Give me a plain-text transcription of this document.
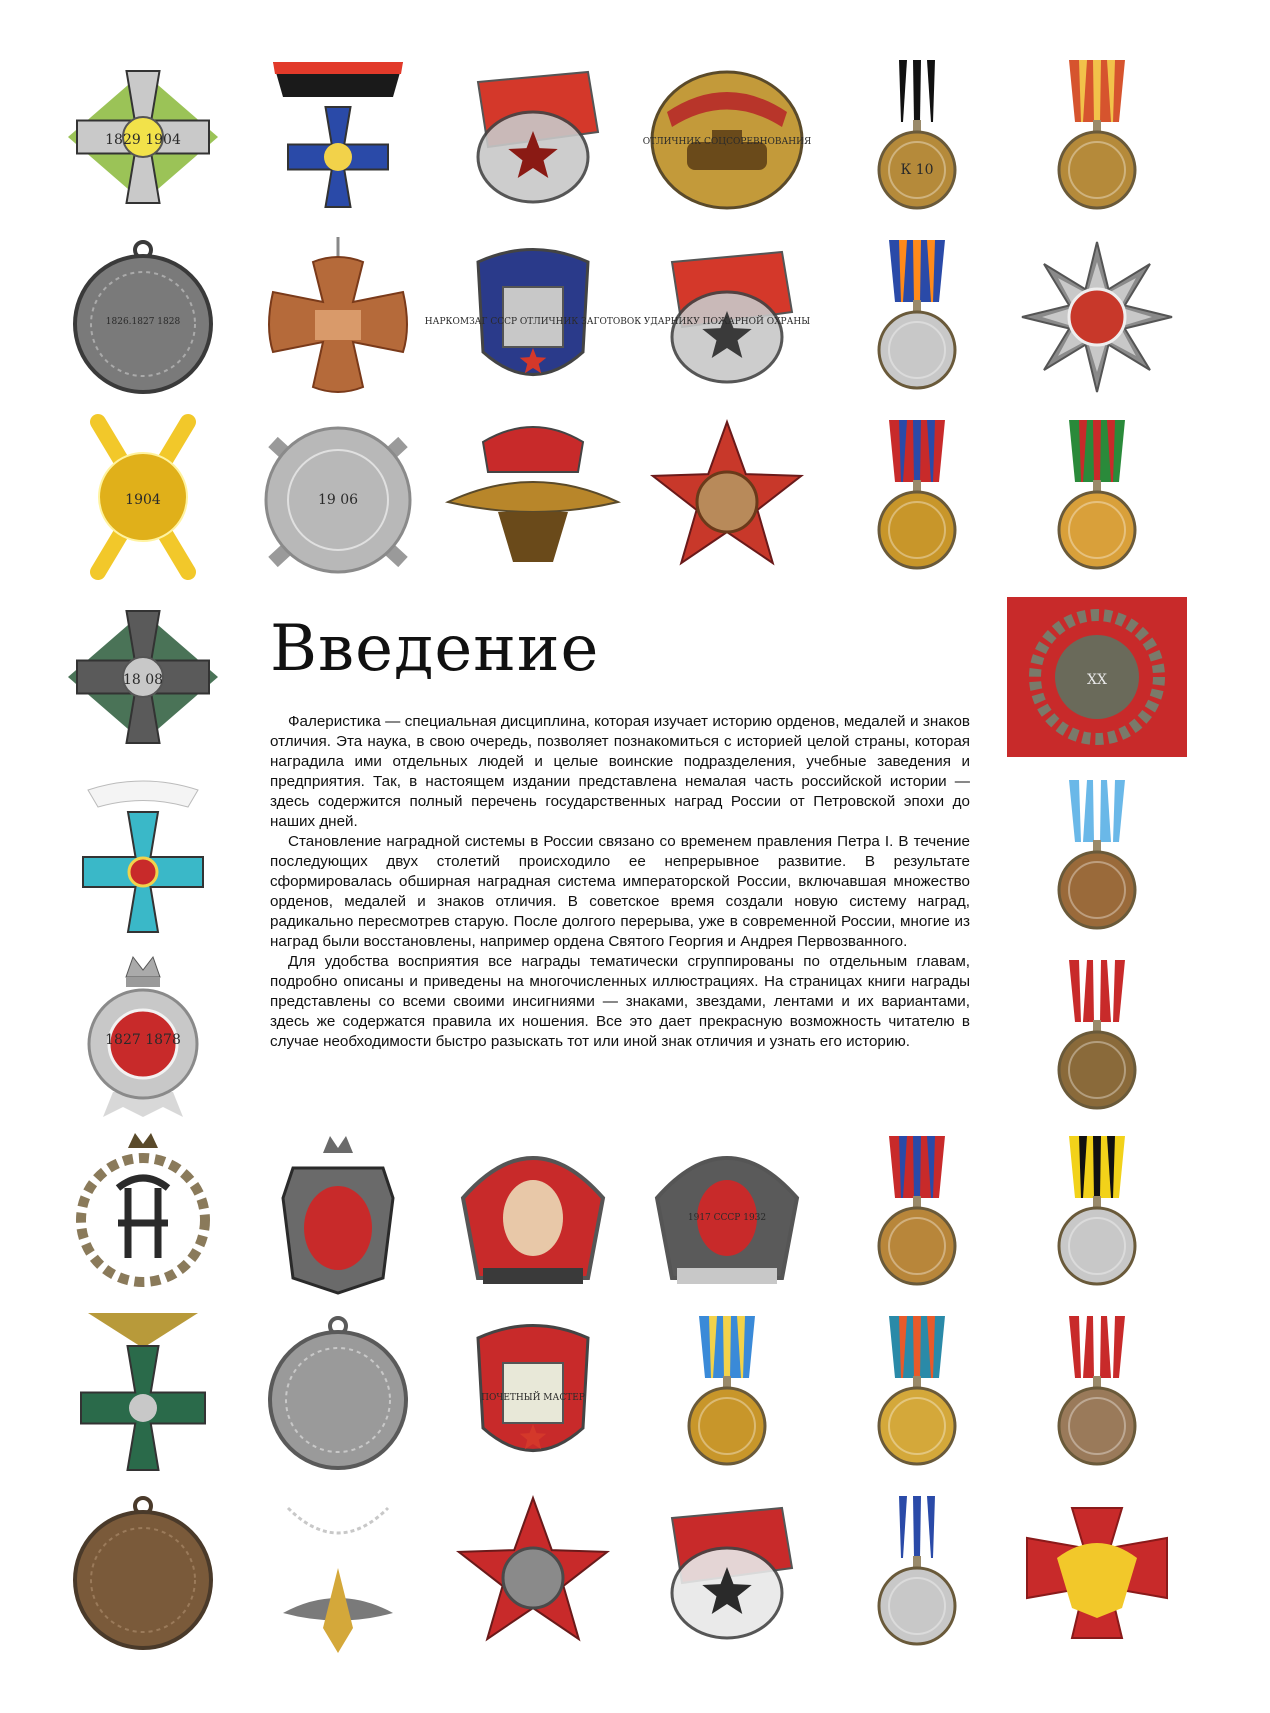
Введение

Фалеристика — специальная дисциплина, которая изучает историю орденов, медалей и знаков отличия. Эта наука, в свою очередь, позволяет познакомиться с историей целой страны, которая наградила ими отдельных людей и целые воинские подразделения, учебные заведения и предприятия. Так, в настоящем издании представлена немалая часть российской истории — здесь содержится полный перечень государственных наград России от Петровской эпохи до наших дней.

Становление наградной системы в России связано со временем правления Петра I. В течение последующих двух столетий происходило ее непрерывное развитие. В результате сформировалась обширная наградная система императорской России, включавшая множество орденов, медалей и знаков отличия. В советское время создали новую систему наград, радикально пересмотрев старую. После долгого перерыва, уже в современной России, многие из наград были восстановлены, например ордена Святого Георгия и Андрея Первозванного.

Для удобства восприятия все награды тематически сгруппированы по отдельным главам, подробно описаны и приведены на многочисленных иллюстрациях. На страницах книги награды представлены со всеми своими инсигниями — знаками, звездами, лентами и их вариантами, здесь же содержатся правила их ношения. Все это дает прекрасную возможность читателю в случае необходимости быстро разыскать тот или иной знак отличия и узнать его историю.

1829 1904	ОТЛИЧНИК СОЦСОРЕВНОВАНИЯ
К 10
1826.1827 1828	НАРКОМЗАГ СССР ОТЛИЧНИК ЗАГОТОВОК УДАРНИКУ ПОЖАРНОЙ ОХРАНЫ
1904	19 06
18 08
1827 1878
XX
1917 СССР 1932
ПОЧЕТНЫЙ МАСТЕР
